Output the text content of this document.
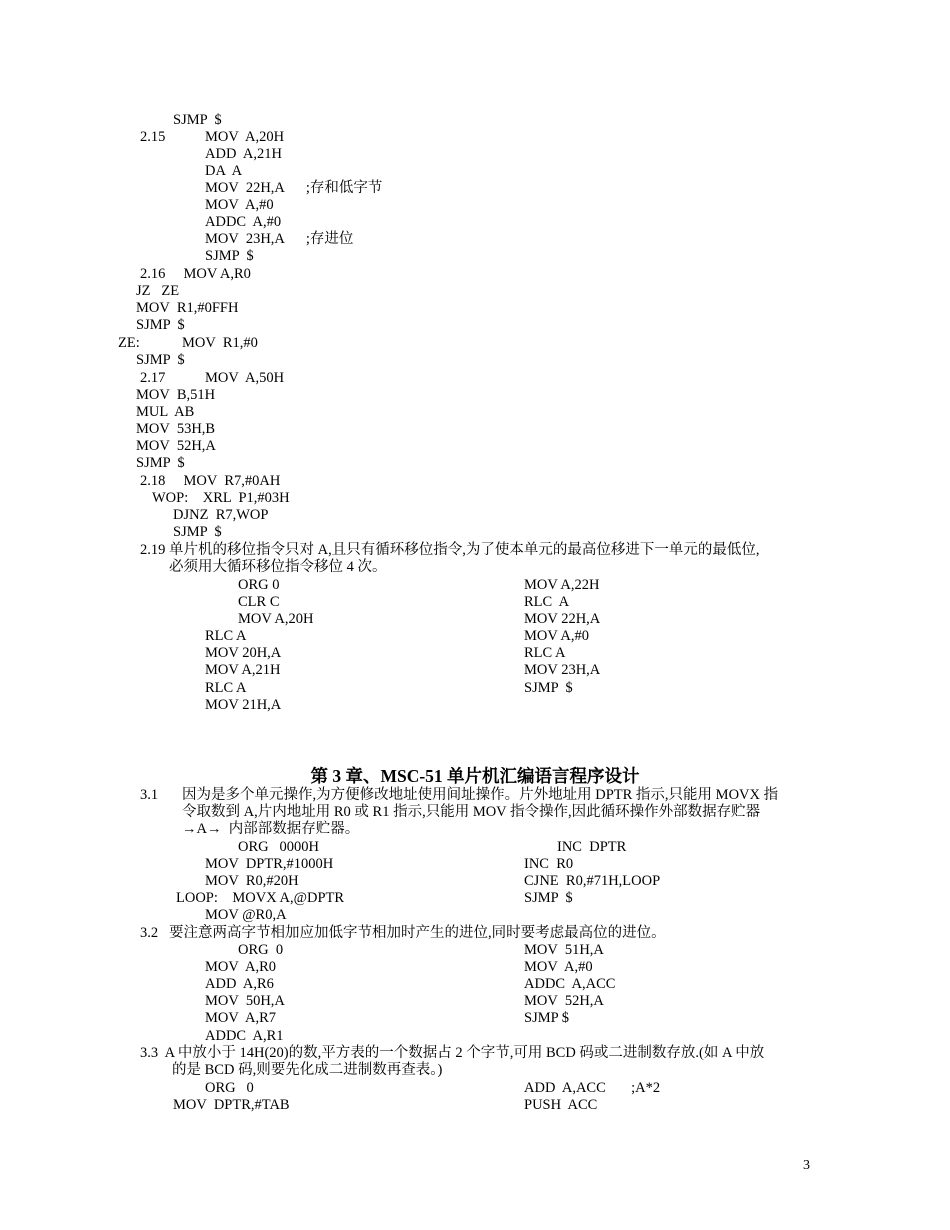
SJMP  $
2.15	MOV  A,20H
ADD  A,21H
DA  A
MOV  22H,A      ;存和低字节
MOV  A,#0
ADDC  A,#0
MOV  23H,A      ;存进位
SJMP  $
2.16     MOV A,R0
JZ   ZE
MOV  R1,#0FFH
SJMP  $
ZE:	MOV  R1,#0
SJMP  $
2.17	MOV  A,50H
MOV  B,51H
MUL  AB
MOV  53H,B
MOV  52H,A
SJMP  $
2.18     MOV  R7,#0AH
WOP:    XRL  P1,#03H
DJNZ  R7,WOP
SJMP  $
2.19 单片机的移位指令只对 A,且只有循环移位指令,为了使本单元的最高位移进下一单元的最低位,
必须用大循环移位指令移位 4 次。
ORG 0
CLR C
MOV A,20H
RLC A
MOV 20H,A
MOV A,21H
RLC A
MOV 21H,A
MOV A,22H
RLC  A
MOV 22H,A
MOV A,#0
RLC A
MOV 23H,A
SJMP  $
第 3 章、MSC-51 单片机汇编语言程序设计
3.1 因为是多个单元操作,为方便修改地址使用间址操作。片外地址用 DPTR 指示,只能用 MOVX 指
令取数到 A,片内地址用 R0 或 R1 指示,只能用 MOV 指令操作,因此循环操作外部数据存贮器
→A→  内部部数据存贮器。
ORG   0000H
MOV  DPTR,#1000H
MOV  R0,#20H
LOOP:    MOVX A,@DPTR
MOV @R0,A
INC  DPTR
INC  R0
CJNE  R0,#71H,LOOP
SJMP  $
3.2   要注意两高字节相加应加低字节相加时产生的进位,同时要考虑最高位的进位。
ORG  0
MOV  A,R0
ADD  A,R6
MOV  50H,A
MOV  A,R7
ADDC  A,R1
MOV  51H,A
MOV  A,#0
ADDC  A,ACC
MOV  52H,A
SJMP $
3.3  A 中放小于 14H(20)的数,平方表的一个数据占 2 个字节,可用 BCD 码或二进制数存放.(如 A 中放
的是 BCD 码,则要先化成二进制数再查表。)
ORG   0
MOV  DPTR,#TAB
ADD  A,ACC       ;A*2
PUSH  ACC
3
